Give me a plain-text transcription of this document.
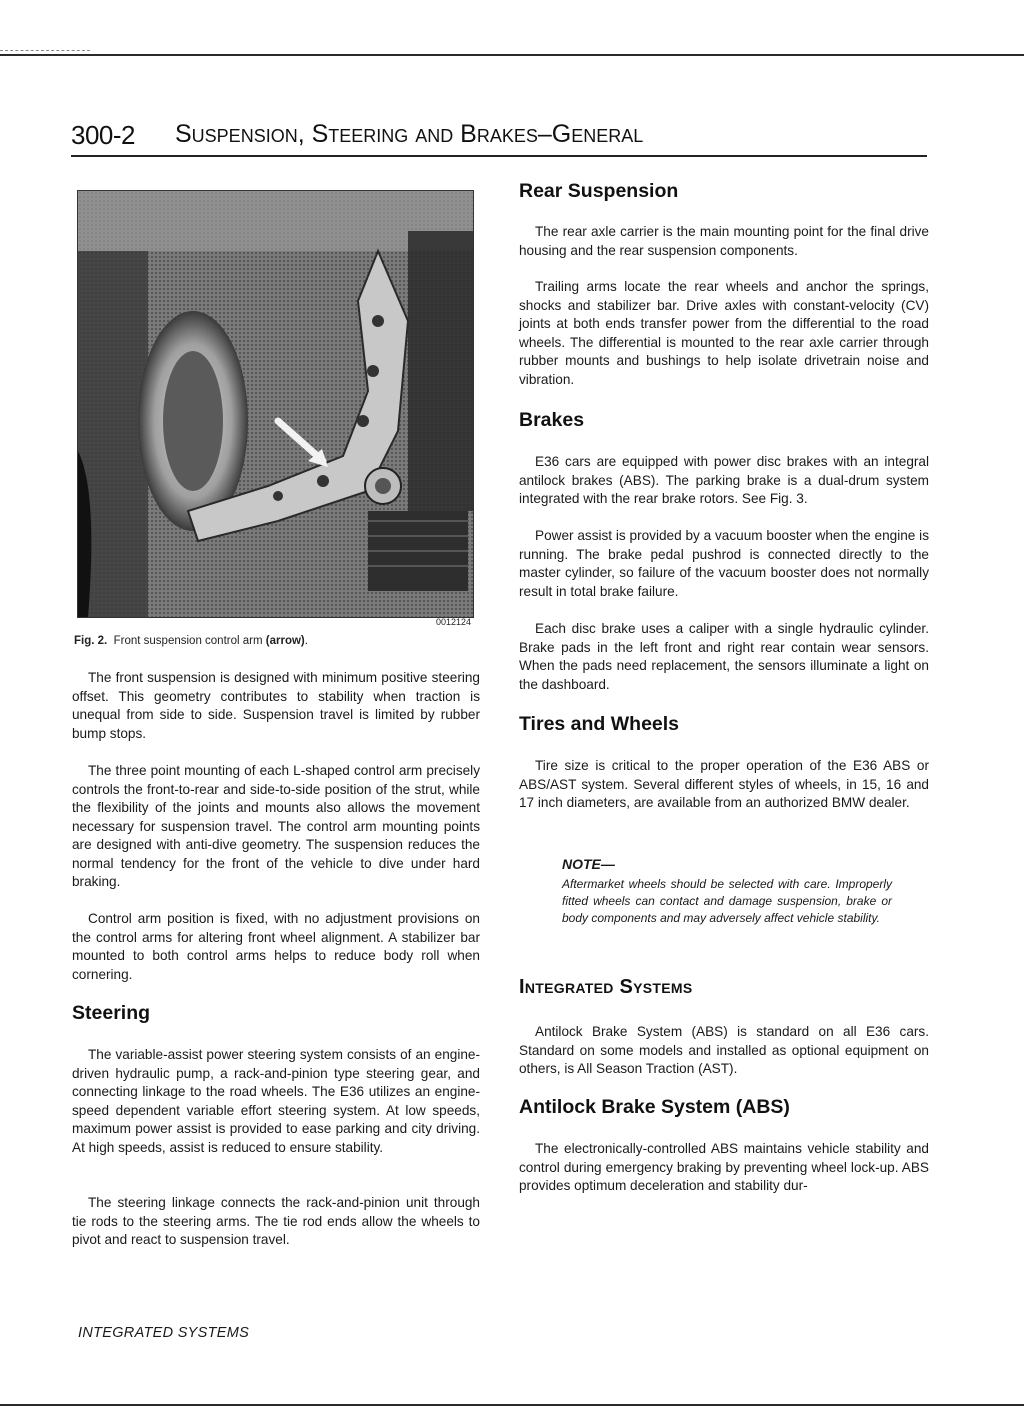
300-2 Suspension, Steering and Brakes–General
0012124
Fig. 2. Front suspension control arm (arrow).

The front suspension is designed with minimum positive steering offset. This geometry contributes to stability when traction is unequal from side to side. Suspension travel is limited by rubber bump stops.

The three point mounting of each L-shaped control arm precisely controls the front-to-rear and side-to-side position of the strut, while the flexibility of the joints and mounts also allows the movement necessary for suspension travel. The control arm mounting points are designed with anti-dive geometry. The suspension reduces the normal tendency for the front of the vehicle to dive under hard braking.

Control arm position is fixed, with no adjustment provisions on the control arms for altering front wheel alignment. A stabilizer bar mounted to both control arms helps to reduce body roll when cornering.

Steering

The variable-assist power steering system consists of an engine-driven hydraulic pump, a rack-and-pinion type steering gear, and connecting linkage to the road wheels. The E36 utilizes an engine-speed dependent variable effort steering system. At low speeds, maximum power assist is provided to ease parking and city driving. At high speeds, assist is reduced to ensure stability.

The steering linkage connects the rack-and-pinion unit through tie rods to the steering arms. The tie rod ends allow the wheels to pivot and react to suspension travel.

Rear Suspension

The rear axle carrier is the main mounting point for the final drive housing and the rear suspension components.

Trailing arms locate the rear wheels and anchor the springs, shocks and stabilizer bar. Drive axles with constant-velocity (CV) joints at both ends transfer power from the differential to the road wheels. The differential is mounted to the rear axle carrier through rubber mounts and bushings to help isolate drivetrain noise and vibration.

Brakes

E36 cars are equipped with power disc brakes with an integral antilock brakes (ABS). The parking brake is a dual-drum system integrated with the rear brake rotors. See Fig. 3.

Power assist is provided by a vacuum booster when the engine is running. The brake pedal pushrod is connected directly to the master cylinder, so failure of the vacuum booster does not normally result in total brake failure.

Each disc brake uses a caliper with a single hydraulic cylinder. Brake pads in the left front and right rear contain wear sensors. When the pads need replacement, the sensors illuminate a light on the dashboard.

Tires and Wheels

Tire size is critical to the proper operation of the E36 ABS or ABS/AST system. Several different styles of wheels, in 15, 16 and 17 inch diameters, are available from an authorized BMW dealer.

NOTE—

Aftermarket wheels should be selected with care. Improperly fitted wheels can contact and damage suspension, brake or body components and may adversely affect vehicle stability.

Integrated Systems

Antilock Brake System (ABS) is standard on all E36 cars. Standard on some models and installed as optional equipment on others, is All Season Traction (AST).

Antilock Brake System (ABS)

The electronically-controlled ABS maintains vehicle stability and control during emergency braking by preventing wheel lock-up. ABS provides optimum deceleration and stability dur-

INTEGRATED SYSTEMS
